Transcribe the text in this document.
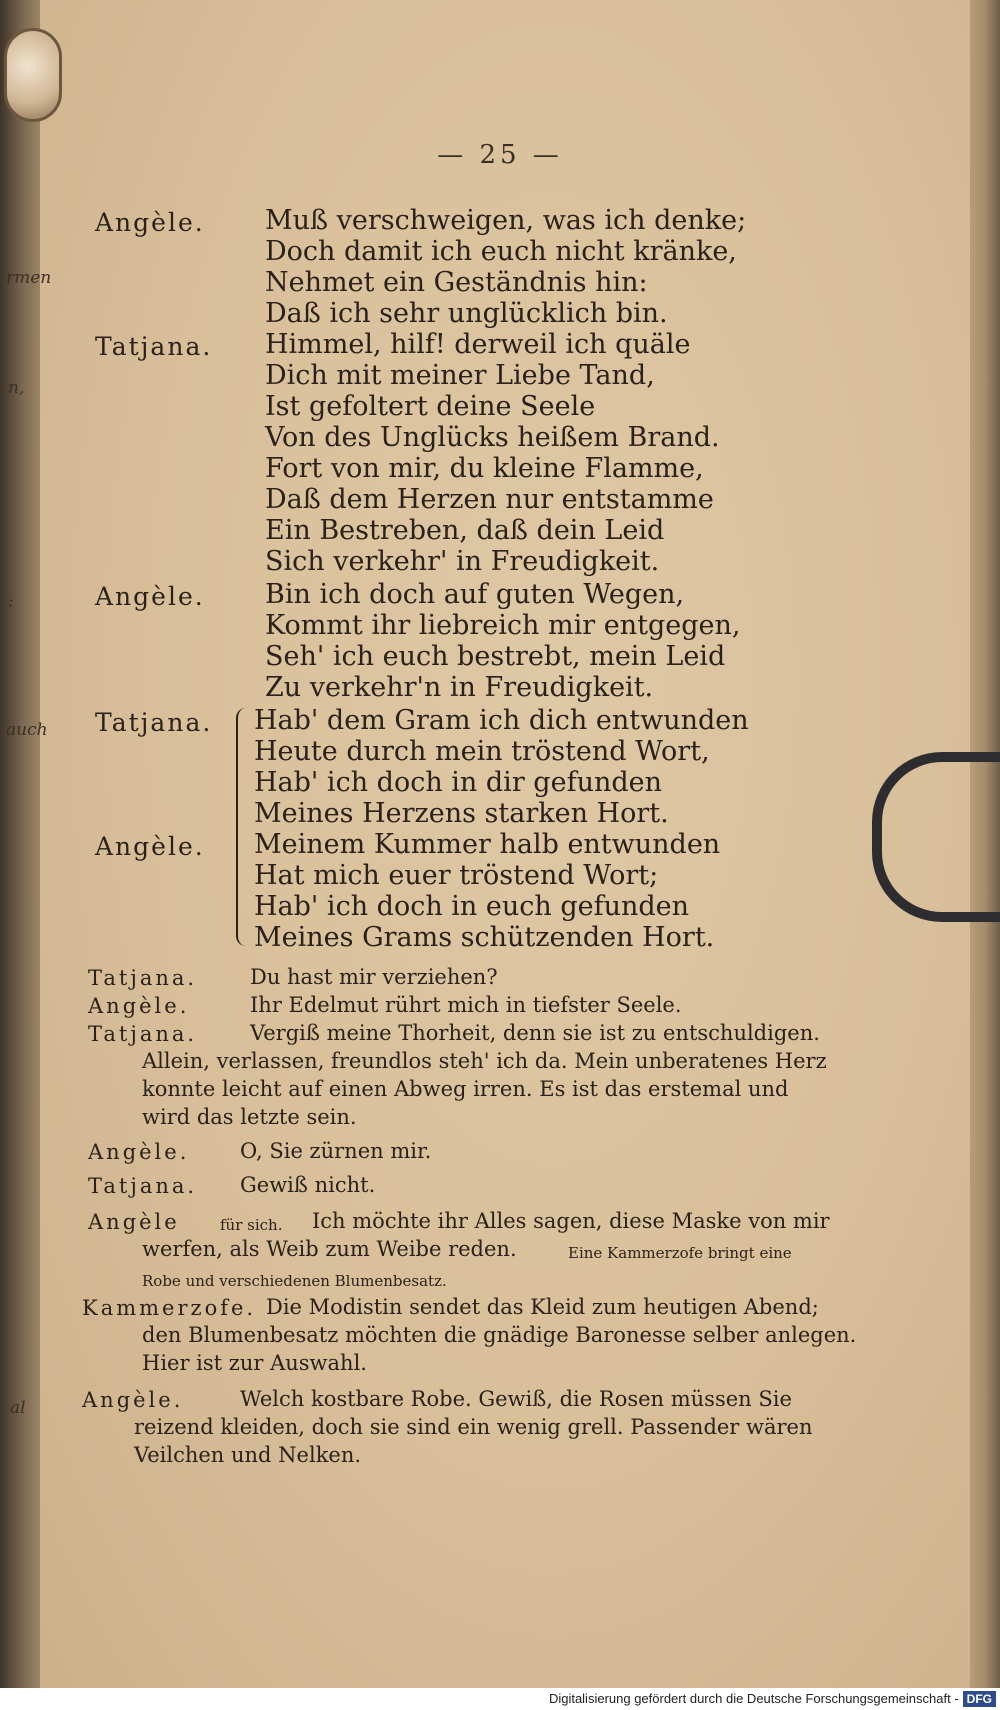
rmen
n,
:
auch
al
— 25 —
Angèle. Muß verschweigen, was ich denke;
Doch damit ich euch nicht kränke,
Nehmet ein Geständnis hin:
Daß ich sehr unglücklich bin.
Tatjana. Himmel, hilf! derweil ich quäle
Dich mit meiner Liebe Tand,
Ist gefoltert deine Seele
Von des Unglücks heißem Brand.
Fort von mir, du kleine Flamme,
Daß dem Herzen nur entstamme
Ein Bestreben, daß dein Leid
Sich verkehr' in Freudigkeit.
Angèle. Bin ich doch auf guten Wegen,
Kommt ihr liebreich mir entgegen,
Seh' ich euch bestrebt, mein Leid
Zu verkehr'n in Freudigkeit.
Tatjana. Hab' dem Gram ich dich entwunden
Heute durch mein tröstend Wort,
Hab' ich doch in dir gefunden
Meines Herzens starken Hort.
Angèle. Meinem Kummer halb entwunden
Hat mich euer tröstend Wort;
Hab' ich doch in euch gefunden
Meines Grams schützenden Hort.
Tatjana.	Du hast mir verziehen?
Angèle.	Ihr Edelmut rührt mich in tiefster Seele.
Tatjana.	Vergiß meine Thorheit, denn sie ist zu entschuldigen.
Allein, verlassen, freundlos steh' ich da. Mein unberatenes Herz
konnte leicht auf einen Abweg irren. Es ist das erstemal und
wird das letzte sein.
Angèle. O, Sie zürnen mir.
Tatjana. Gewiß nicht.
Angèle	für sich. Ich möchte ihr Alles sagen, diese Maske von mir
werfen, als Weib zum Weibe reden.	Eine Kammerzofe bringt eine
Robe und verschiedenen Blumenbesatz.
Kammerzofe. Die Modistin sendet das Kleid zum heutigen Abend;
den Blumenbesatz möchten die gnädige Baronesse selber anlegen.
Hier ist zur Auswahl.
Angèle.	Welch kostbare Robe. Gewiß, die Rosen müssen Sie
reizend kleiden, doch sie sind ein wenig grell. Passender wären
Veilchen und Nelken.
Digitalisierung gefördert durch die Deutsche Forschungsgemeinschaft - DFG
